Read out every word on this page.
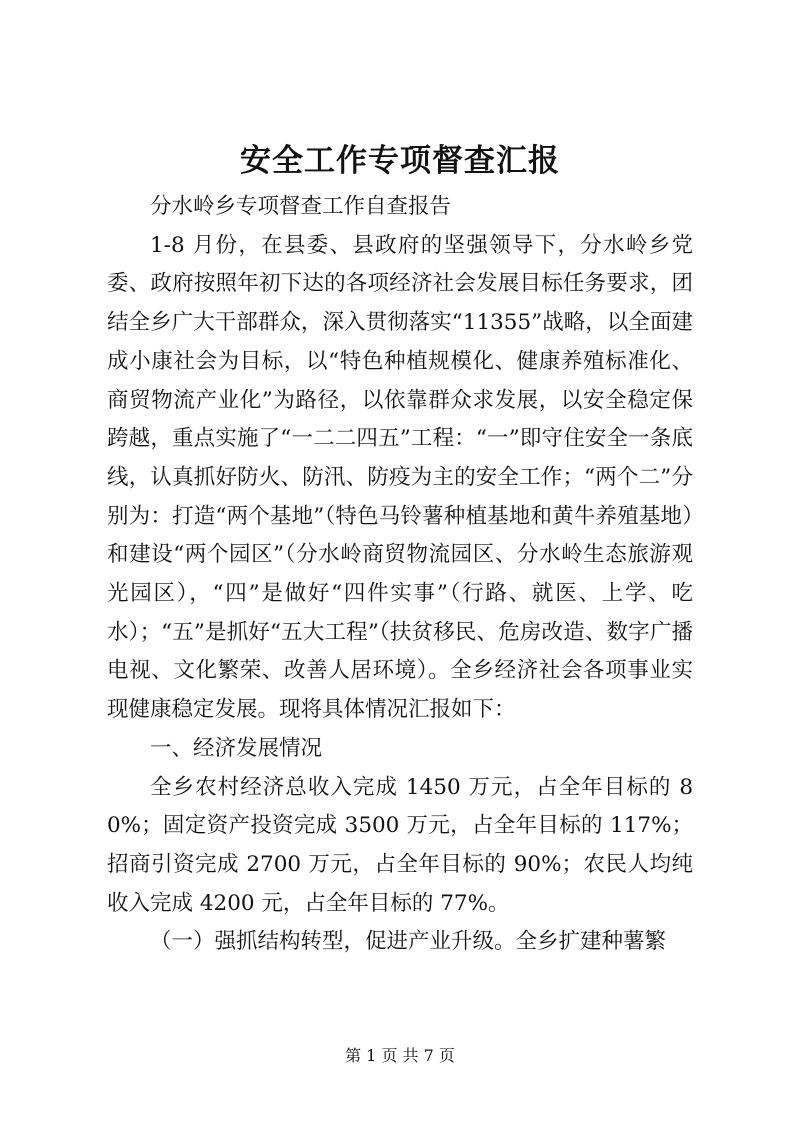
安全工作专项督查汇报

分水岭乡专项督查工作自查报告

1-8 月份，在县委、县政府的坚强领导下，分水岭乡党委、政府按照年初下达的各项经济社会发展目标任务要求，团结全乡广大干部群众，深入贯彻落实“11355”战略，以全面建成小康社会为目标，以“特色种植规模化、健康养殖标准化、商贸物流产业化”为路径，以依靠群众求发展，以安全稳定保跨越，重点实施了“一二二四五”工程：“一”即守住安全一条底线，认真抓好防火、防汛、防疫为主的安全工作；“两个二”分别为：打造“两个基地”（特色马铃薯种植基地和黄牛养殖基地）和建设“两个园区”（分水岭商贸物流园区、分水岭生态旅游观光园区），“四”是做好“四件实事”（行路、就医、上学、吃水）；“五”是抓好“五大工程”（扶贫移民、危房改造、数字广播电视、文化繁荣、改善人居环境）。全乡经济社会各项事业实现健康稳定发展。现将具体情况汇报如下：

一、经济发展情况

全乡农村经济总收入完成 1450 万元，占全年目标的 80%；固定资产投资完成 3500 万元，占全年目标的 117%；招商引资完成 2700 万元，占全年目标的 90%；农民人均纯收入完成 4200 元，占全年目标的 77%。

（一）强抓结构转型，促进产业升级。全乡扩建种薯繁

第 1 页 共 7 页
